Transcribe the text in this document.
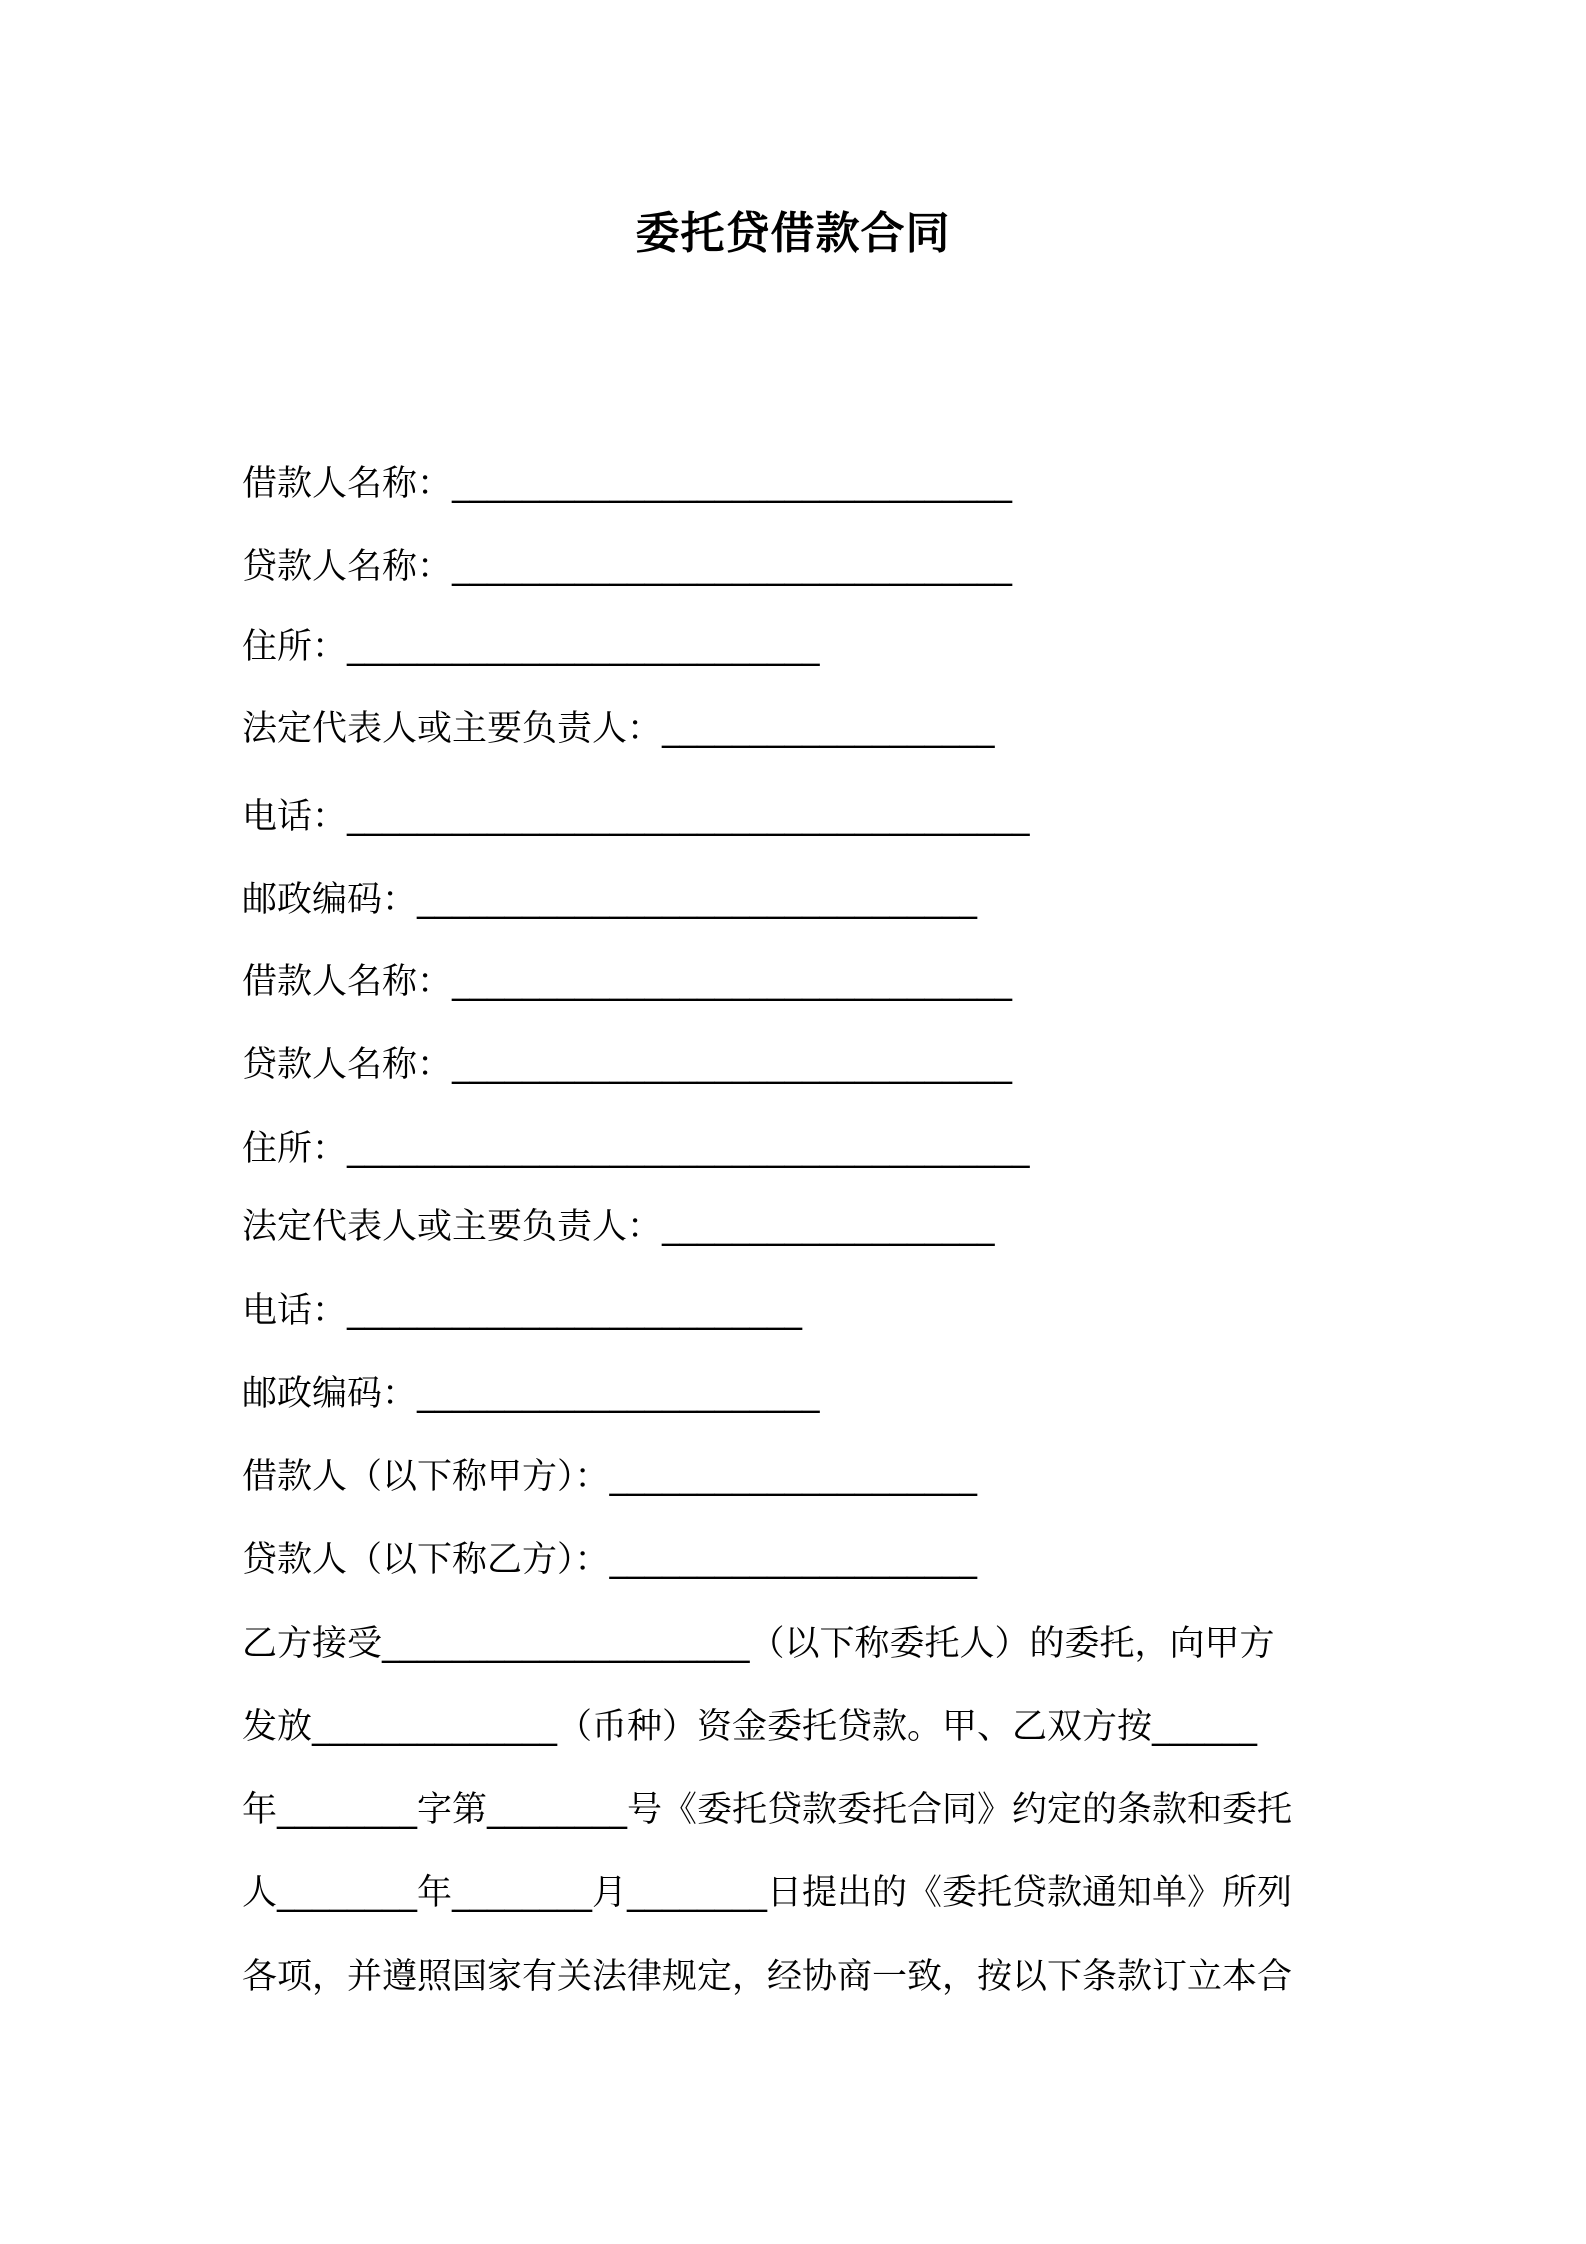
委托贷借款合同
借款人名称：________________________________
贷款人名称：________________________________
住所：___________________________
法定代表人或主要负责人：___________________
电话：_______________________________________
邮政编码：________________________________
借款人名称：________________________________
贷款人名称：________________________________
住所：_______________________________________
法定代表人或主要负责人：___________________
电话：__________________________
邮政编码：_______________________
借款人（以下称甲方）：_____________________
贷款人（以下称乙方）：_____________________
乙方接受_____________________（以下称委托人）的委托，向甲方
发放______________（币种）资金委托贷款。甲、乙双方按______
年________字第________号《委托贷款委托合同》约定的条款和委托
人________年________月________日提出的《委托贷款通知单》所列
各项，并遵照国家有关法律规定，经协商一致，按以下条款订立本合
